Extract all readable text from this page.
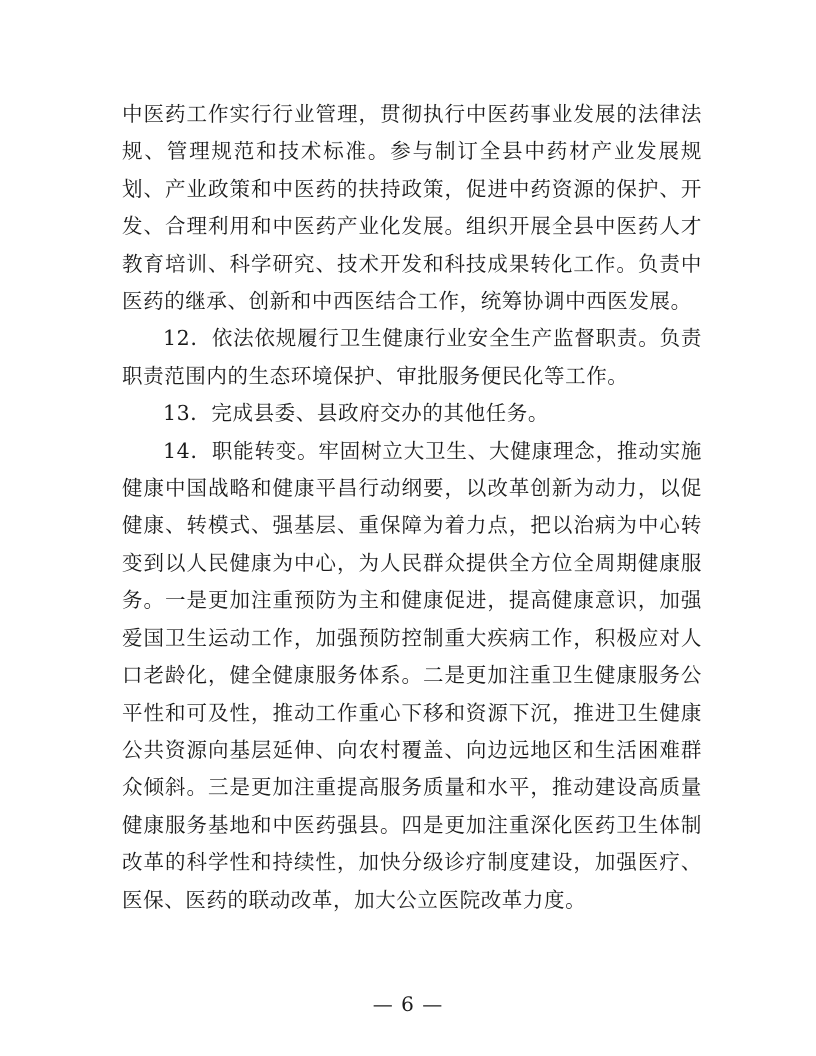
中医药工作实行行业管理，贯彻执行中医药事业发展的法律法规、管理规范和技术标准。参与制订全县中药材产业发展规划、产业政策和中医药的扶持政策，促进中药资源的保护、开发、合理利用和中医药产业化发展。组织开展全县中医药人才教育培训、科学研究、技术开发和科技成果转化工作。负责中医药的继承、创新和中西医结合工作，统筹协调中西医发展。

12．依法依规履行卫生健康行业安全生产监督职责。负责职责范围内的生态环境保护、审批服务便民化等工作。

13．完成县委、县政府交办的其他任务。

14．职能转变。牢固树立大卫生、大健康理念，推动实施健康中国战略和健康平昌行动纲要，以改革创新为动力，以促健康、转模式、强基层、重保障为着力点，把以治病为中心转变到以人民健康为中心，为人民群众提供全方位全周期健康服务。一是更加注重预防为主和健康促进，提高健康意识，加强爱国卫生运动工作，加强预防控制重大疾病工作，积极应对人口老龄化，健全健康服务体系。二是更加注重卫生健康服务公平性和可及性，推动工作重心下移和资源下沉，推进卫生健康公共资源向基层延伸、向农村覆盖、向边远地区和生活困难群众倾斜。三是更加注重提高服务质量和水平，推动建设高质量健康服务基地和中医药强县。四是更加注重深化医药卫生体制改革的科学性和持续性，加快分级诊疗制度建设，加强医疗、医保、医药的联动改革，加大公立医院改革力度。

— 6 —
